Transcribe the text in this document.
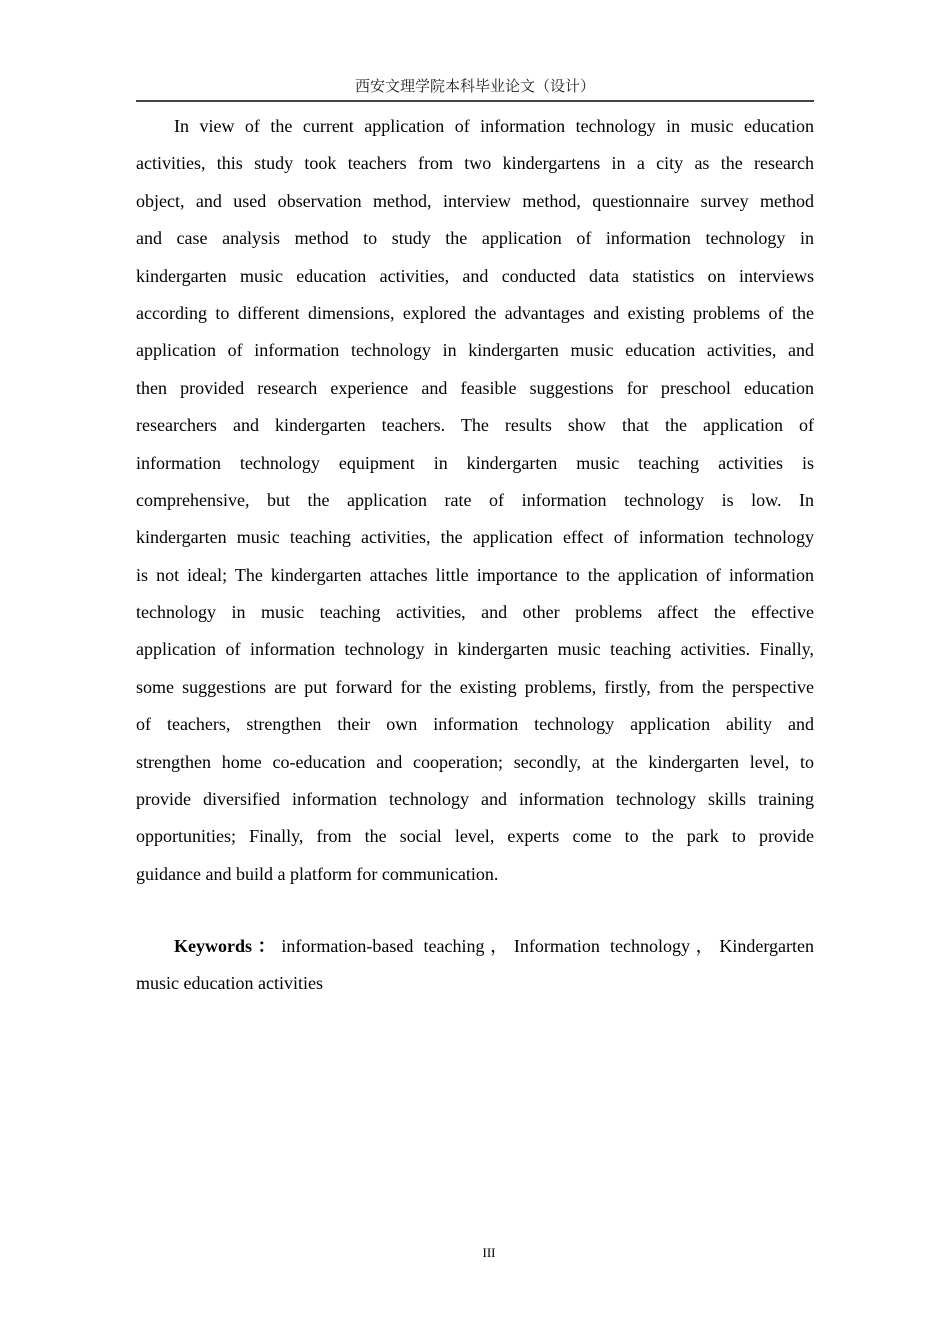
西安文理学院本科毕业论文（设计）
In view of the current application of information technology in music education
activities, this study took teachers from two kindergartens in a city as the research
object, and used observation method, interview method, questionnaire survey method
and case analysis method to study the application of information technology in
kindergarten music education activities, and conducted data statistics on interviews
according to different dimensions, explored the advantages and existing problems of the
application of information technology in kindergarten music education activities, and
then provided research experience and feasible suggestions for preschool education
researchers and kindergarten teachers. The results show that the application of
information technology equipment in kindergarten music teaching activities is
comprehensive, but the application rate of information technology is low. In
kindergarten music teaching activities, the application effect of information technology
is not ideal; The kindergarten attaches little importance to the application of information
technology in music teaching activities, and other problems affect the effective
application of information technology in kindergarten music teaching activities. Finally,
some suggestions are put forward for the existing problems, firstly, from the perspective
of teachers, strengthen their own information technology application ability and
strengthen home co-education and cooperation; secondly, at the kindergarten level, to
provide diversified information technology and information technology skills training
opportunities; Finally, from the social level, experts come to the park to provide
guidance and build a platform for communication.
Keywords：information-based teaching，Information technology，Kindergarten
music education activities
III
